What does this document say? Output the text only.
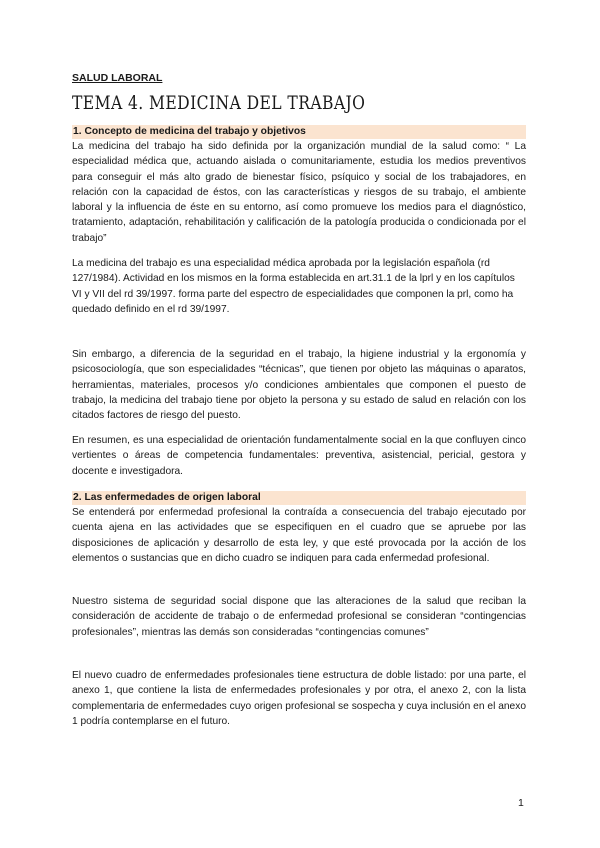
SALUD LABORAL
TEMA 4. MEDICINA DEL TRABAJO
1. Concepto de medicina del trabajo y objetivos
La medicina del trabajo ha sido definida por la organización mundial de la salud como: “ La especialidad médica que, actuando aislada o comunitariamente, estudia los medios preventivos para conseguir el más alto grado de bienestar físico, psíquico y social de los trabajadores, en relación con la capacidad de éstos, con las características y riesgos de su trabajo, el ambiente laboral y la influencia de éste en su entorno, así como promueve los medios para el diagnóstico, tratamiento, adaptación, rehabilitación y calificación de la patología producida o condicionada por el trabajo”
La medicina del trabajo es una especialidad médica aprobada por la legislación española (rd 127/1984). Actividad en los mismos en la forma establecida en art.31.1 de la lprl y en los capítulos VI y VII del rd 39/1997. forma parte del espectro de especialidades que componen la prl, como ha quedado definido en el rd 39/1997.
Sin embargo, a diferencia de la seguridad en el trabajo, la higiene industrial y la ergonomía y psicosociología, que son especialidades “técnicas”, que tienen por objeto las máquinas o aparatos, herramientas, materiales, procesos y/o condiciones ambientales que componen el puesto de trabajo, la medicina del trabajo tiene por objeto la persona y su estado de salud en relación con los citados factores de riesgo del puesto.
En resumen, es una especialidad de orientación fundamentalmente social en la que confluyen cinco vertientes o áreas de competencia fundamentales: preventiva, asistencial, pericial, gestora y docente e investigadora.
2. Las enfermedades de origen laboral
Se entenderá por enfermedad profesional la contraída a consecuencia del trabajo ejecutado por cuenta ajena en las actividades que se especifiquen en el cuadro que se apruebe por las disposiciones de aplicación y desarrollo de esta ley, y que esté provocada por la acción de los elementos o sustancias que en dicho cuadro se indiquen para cada enfermedad profesional.
Nuestro sistema de seguridad social dispone que las alteraciones de la salud que reciban la consideración de accidente de trabajo o de enfermedad profesional se consideran “contingencias profesionales”, mientras las demás son consideradas “contingencias comunes”
El nuevo cuadro de enfermedades profesionales tiene estructura de doble listado: por una parte, el anexo 1, que contiene la lista de enfermedades profesionales y por otra, el anexo 2, con la lista complementaria de enfermedades cuyo origen profesional se sospecha y cuya inclusión en el anexo 1 podría contemplarse en el futuro.
1
